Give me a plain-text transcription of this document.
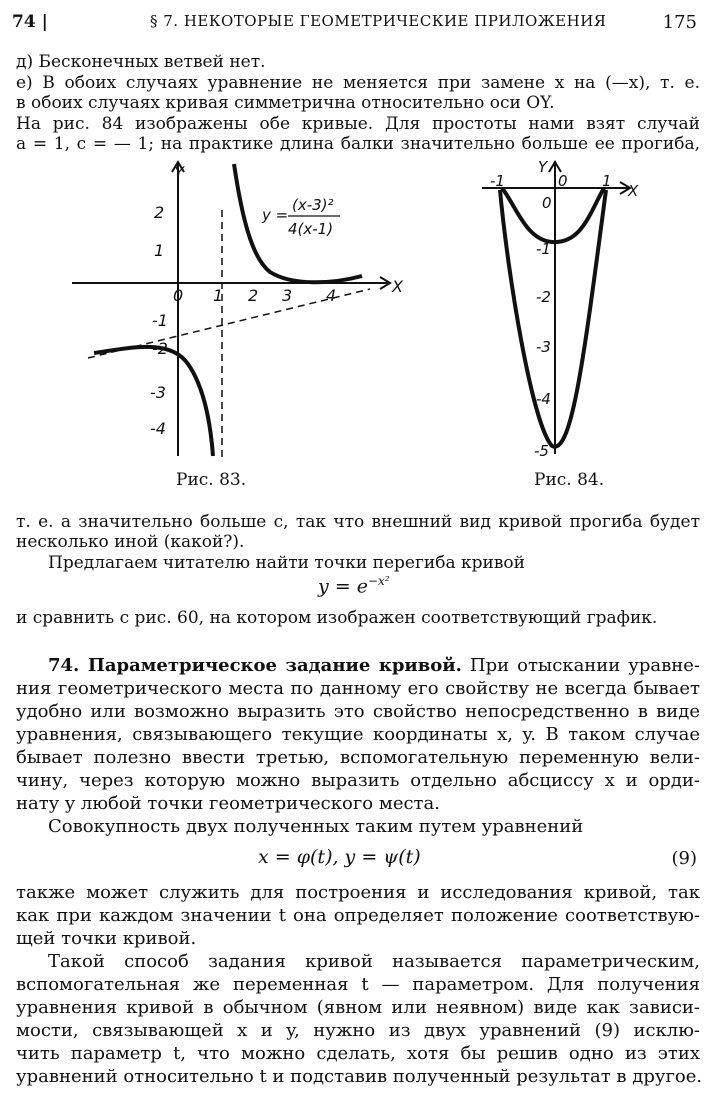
74 |	§ 7. НЕКОТОРЫЕ ГЕОМЕТРИЧЕСКИЕ ПРИЛОЖЕНИЯ	175
д) Бесконечных ветвей нет.
е) В обоих случаях уравнение не меняется при замене x на (—x), т. е.
в обоих случаях кривая симметрична относительно оси OY.
На рис. 84 изображены обе кривые. Для простоты нами взят случай
a = 1, c = — 1; на практике длина балки значительно больше ее прогиба,
Y
X
0 1 2 3 4
2
1
-1
-2
-3
-4
y =
(x-3)²
4(x-1)
Рис. 83.
Y
X
-1	0 1
0
-1
-2
-3
-4
-5
Рис. 84.
т. е. a значительно больше c, так что внешний вид кривой прогиба будет
несколько иной (какой?).
Предлагаем читателю найти точки перегиба кривой
$y = e^{-x^2}$
и сравнить с рис. 60, на котором изображен соответствующий график.
74. Параметрическое задание кривой. При отыскании уравне-
ния геометрического места по данному его свойству не всегда бывает
удобно или возможно выразить это свойство непосредственно в виде
уравнения, связывающего текущие координаты x, y. В таком случае
бывает полезно ввести третью, вспомогательную переменную вели-
чину, через которую можно выразить отдельно абсциссу x и орди-
нату y любой точки геометрического места.
Совокупность двух полученных таким путем уравнений
x = φ(t), y = ψ(t)	(9)
также может служить для построения и исследования кривой, так
как при каждом значении t она определяет положение соответствую-
щей точки кривой.
Такой способ задания кривой называется параметрическим,
вспомогательная же переменная t — параметром. Для получения
уравнения кривой в обычном (явном или неявном) виде как зависи-
мости, связывающей x и y, нужно из двух уравнений (9) исклю-
чить параметр t, что можно сделать, хотя бы решив одно из этих
уравнений относительно t и подставив полученный результат в другое.
